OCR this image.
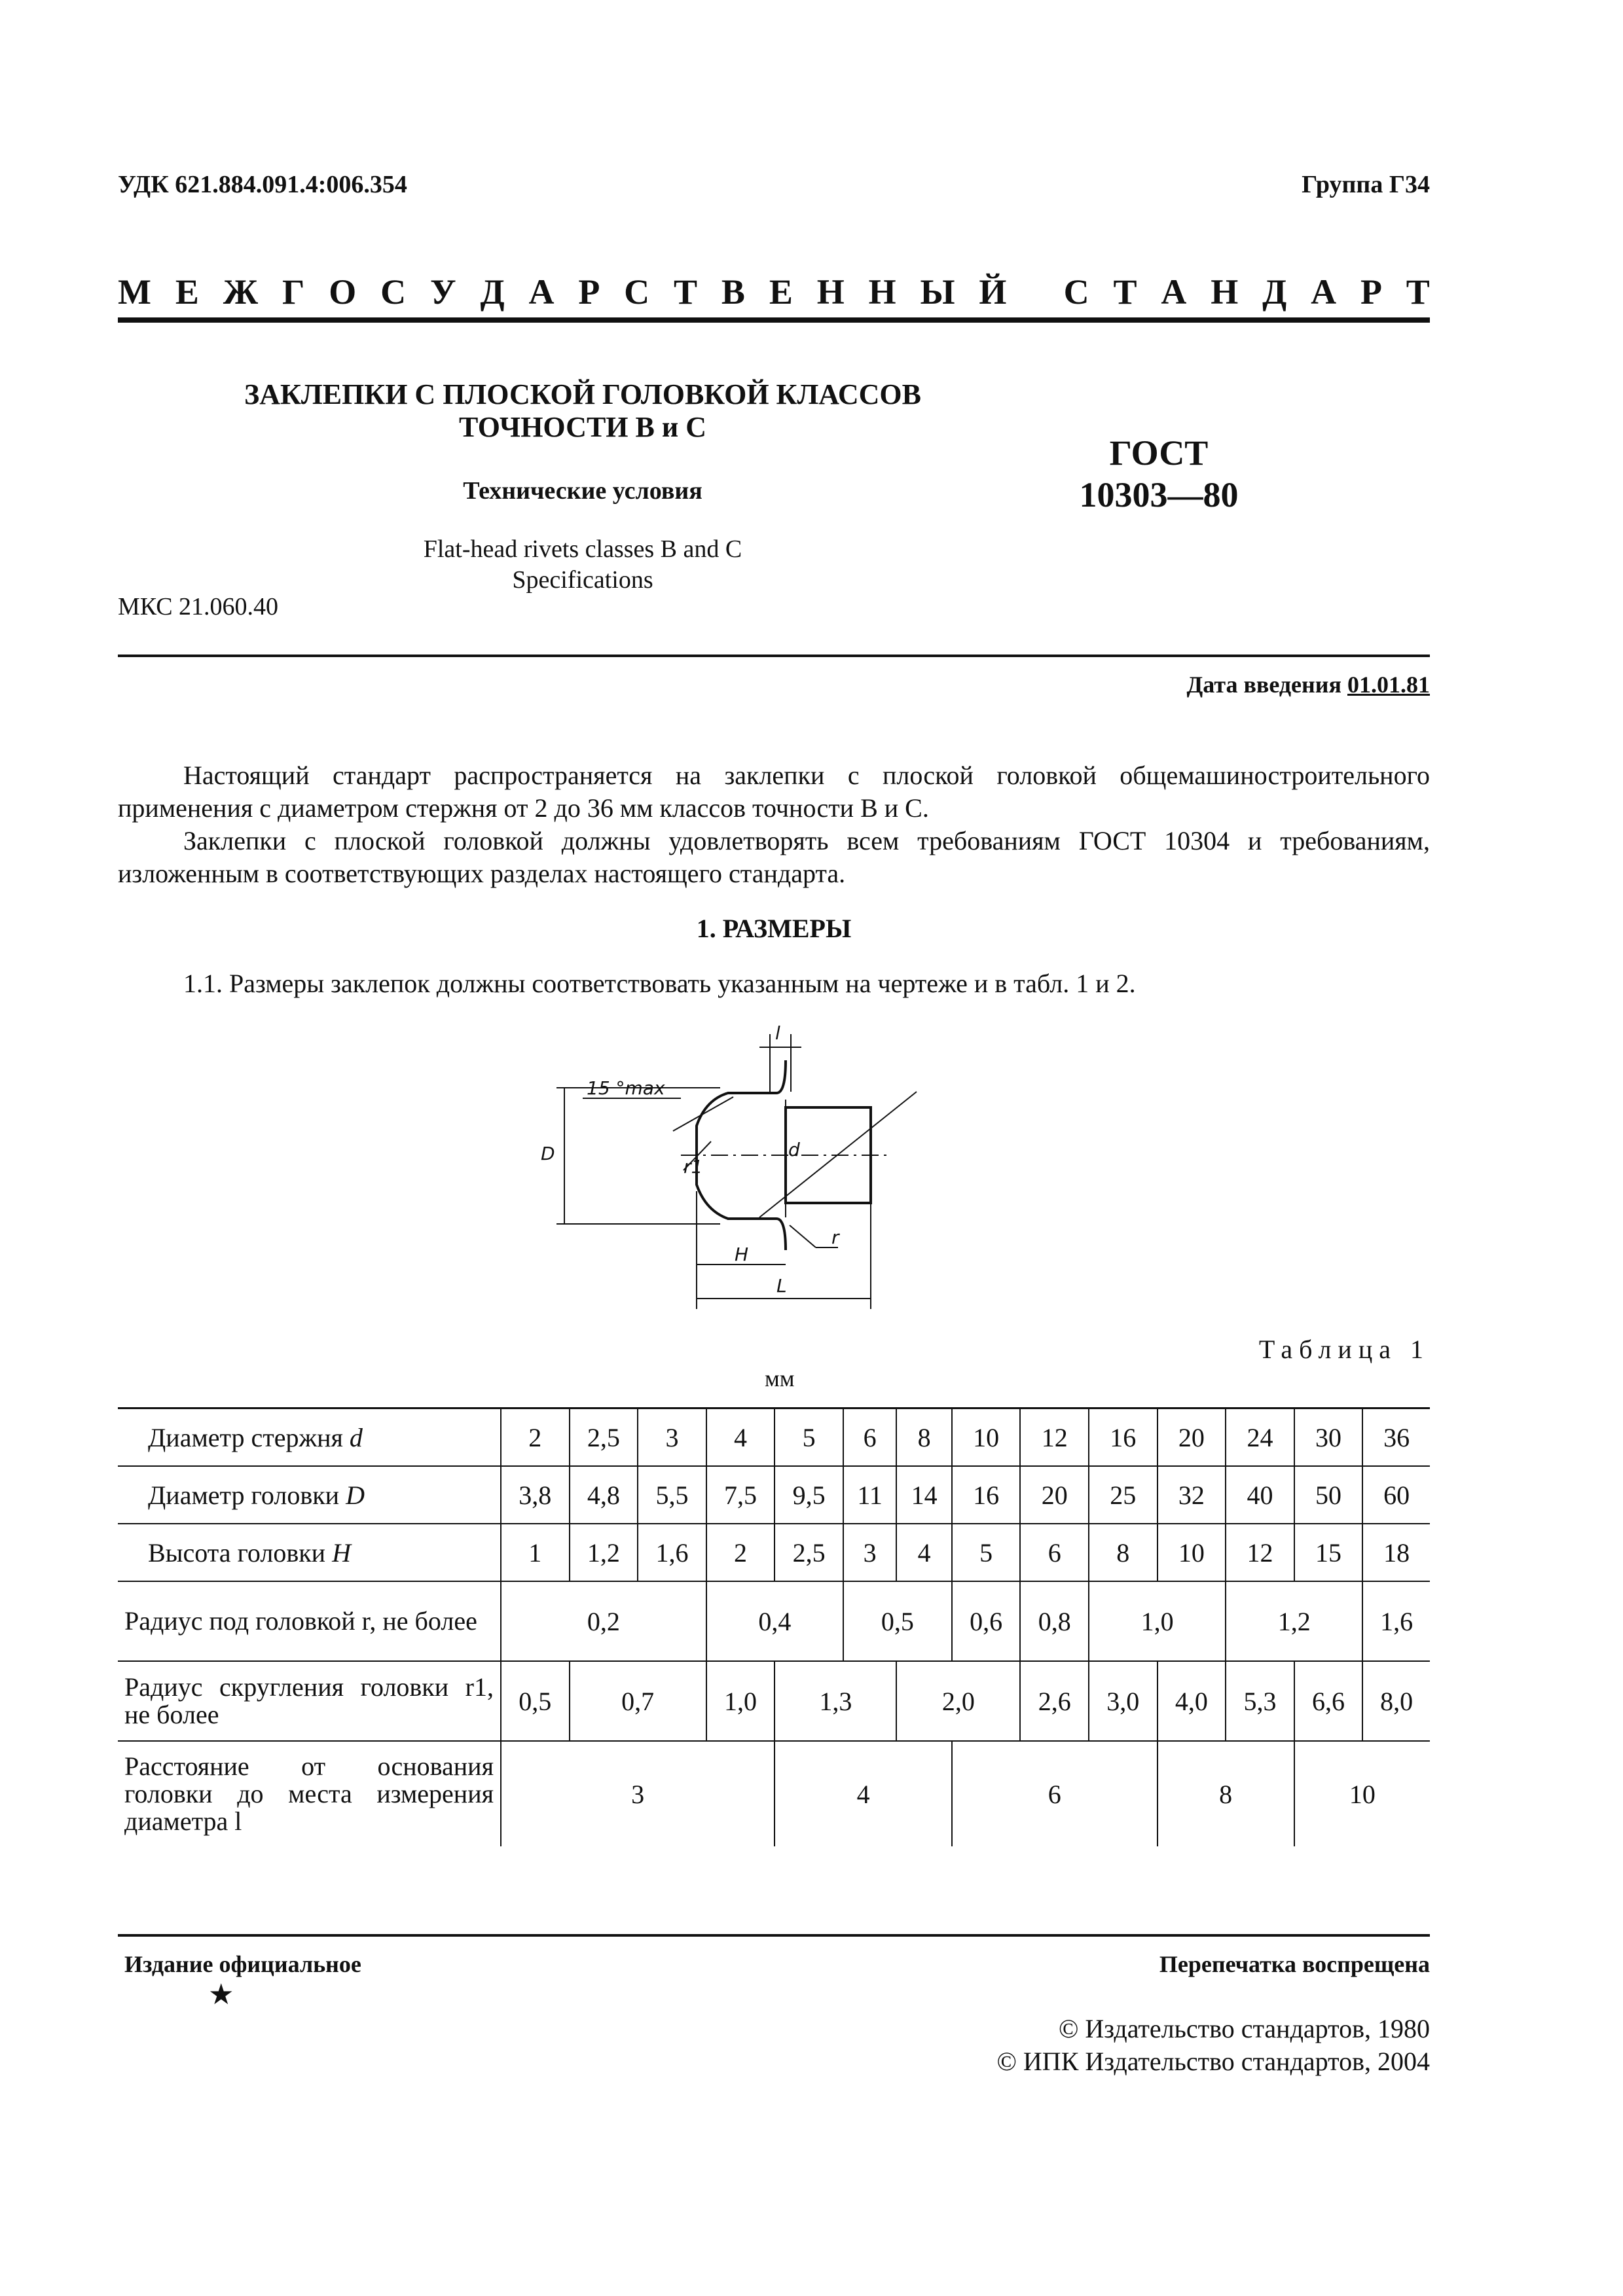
УДК 621.884.091.4:006.354	Группа Г34
М Е Ж Г О С У Д А Р С Т В Е Н Н Ы Й
С Т А Н Д А Р Т
ЗАКЛЕПКИ С ПЛОСКОЙ ГОЛОВКОЙ КЛАССОВ
ТОЧНОСТИ В и С
Технические условия
ГОСТ
10303—80
Flat-head rivets classes B and C
Specifications
МКС 21.060.40
Дата введения 01.01.81
Настоящий стандарт распространяется на заклепки с плоской головкой общемашиностроительного применения с диаметром стержня от 2 до 36 мм классов точности В и С.
Заклепки с плоской головкой должны удовлетворять всем требованиям ГОСТ 10304 и требованиям, изложенным в соответствующих разделах настоящего стандарта.
1. РАЗМЕРЫ
1.1. Размеры заклепок должны соответствовать указанным на чертеже и в табл. 1 и 2.
l
15 °max
D	d
r1
r
H
L
Таблица 1
мм
Диаметр стержня d	2	2,5	3	4	5	6	8	10	12	16	20	24	30	36
Диаметр головки D	3,8	4,8	5,5	7,5	9,5	11	14	16	20	25	32	40	50	60
Высота головки H	1	1,2	1,6	2	2,5	3	4	5	6	8	10	12	15	18
Радиус под головкой r, не более	0,2			0,4		0,5		0,6	0,8	1,0		1,2		1,6
Радиус скругления головки r1, не более	0,5	0,7		1,0	1,3		2,0		2,6	3,0	4,0	5,3	6,6	8,0
Расстояние от основания головки до места измерения диаметра l	3				4			6			8		10	
Издание официальное
★
Перепечатка воспрещена
© Издательство стандартов, 1980
© ИПК Издательство стандартов, 2004
